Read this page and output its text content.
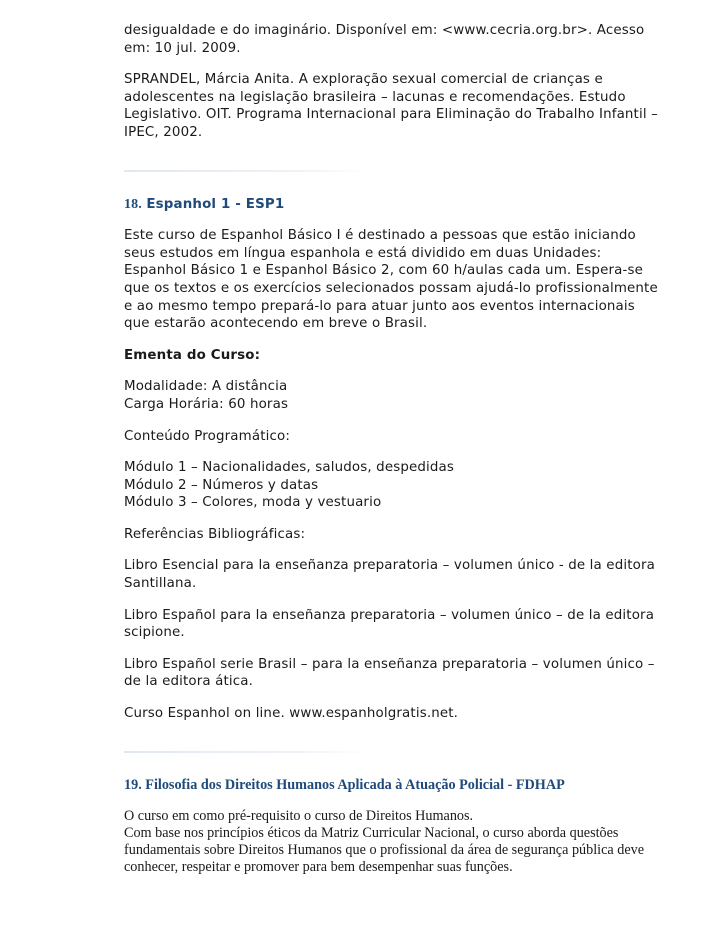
desigualdade e do imaginário. Disponível em: <www.cecria.org.br>. Acesso em: 10 jul. 2009.

SPRANDEL, Márcia Anita. A exploração sexual comercial de crianças e adolescentes na legislação brasileira – lacunas e recomendações. Estudo Legislativo. OIT. Programa Internacional para Eliminação do Trabalho Infantil – IPEC, 2002.

18. Espanhol 1 - ESP1

Este curso de Espanhol Básico I é destinado a pessoas que estão iniciando seus estudos em língua espanhola e está dividido em duas Unidades: Espanhol Básico 1 e Espanhol Básico 2, com 60 h/aulas cada um. Espera-se que os textos e os exercícios selecionados possam ajudá-lo profissionalmente e ao mesmo tempo prepará-lo para atuar junto aos eventos internacionais que estarão acontecendo em breve o Brasil.

Ementa do Curso:

Modalidade: A distância

Carga Horária: 60 horas

Conteúdo Programático:

Módulo 1 – Nacionalidades, saludos, despedidas

Módulo 2 – Números y datas

Módulo 3 – Colores, moda y vestuario

Referências Bibliográficas:

Libro Esencial para la enseñanza preparatoria – volumen único - de la editora Santillana.

Libro Español para la enseñanza preparatoria – volumen único – de la editora scipione.

Libro Español serie Brasil – para la enseñanza preparatoria – volumen único – de la editora ática.

Curso Espanhol on line. www.espanholgratis.net.

19. Filosofia dos Direitos Humanos Aplicada à Atuação Policial - FDHAP

O curso em como pré-requisito o curso de Direitos Humanos.

Com base nos princípios éticos da Matriz Curricular Nacional, o curso aborda questões fundamentais sobre Direitos Humanos que o profissional da área de segurança pública deve conhecer, respeitar e promover para bem desempenhar suas funções.
